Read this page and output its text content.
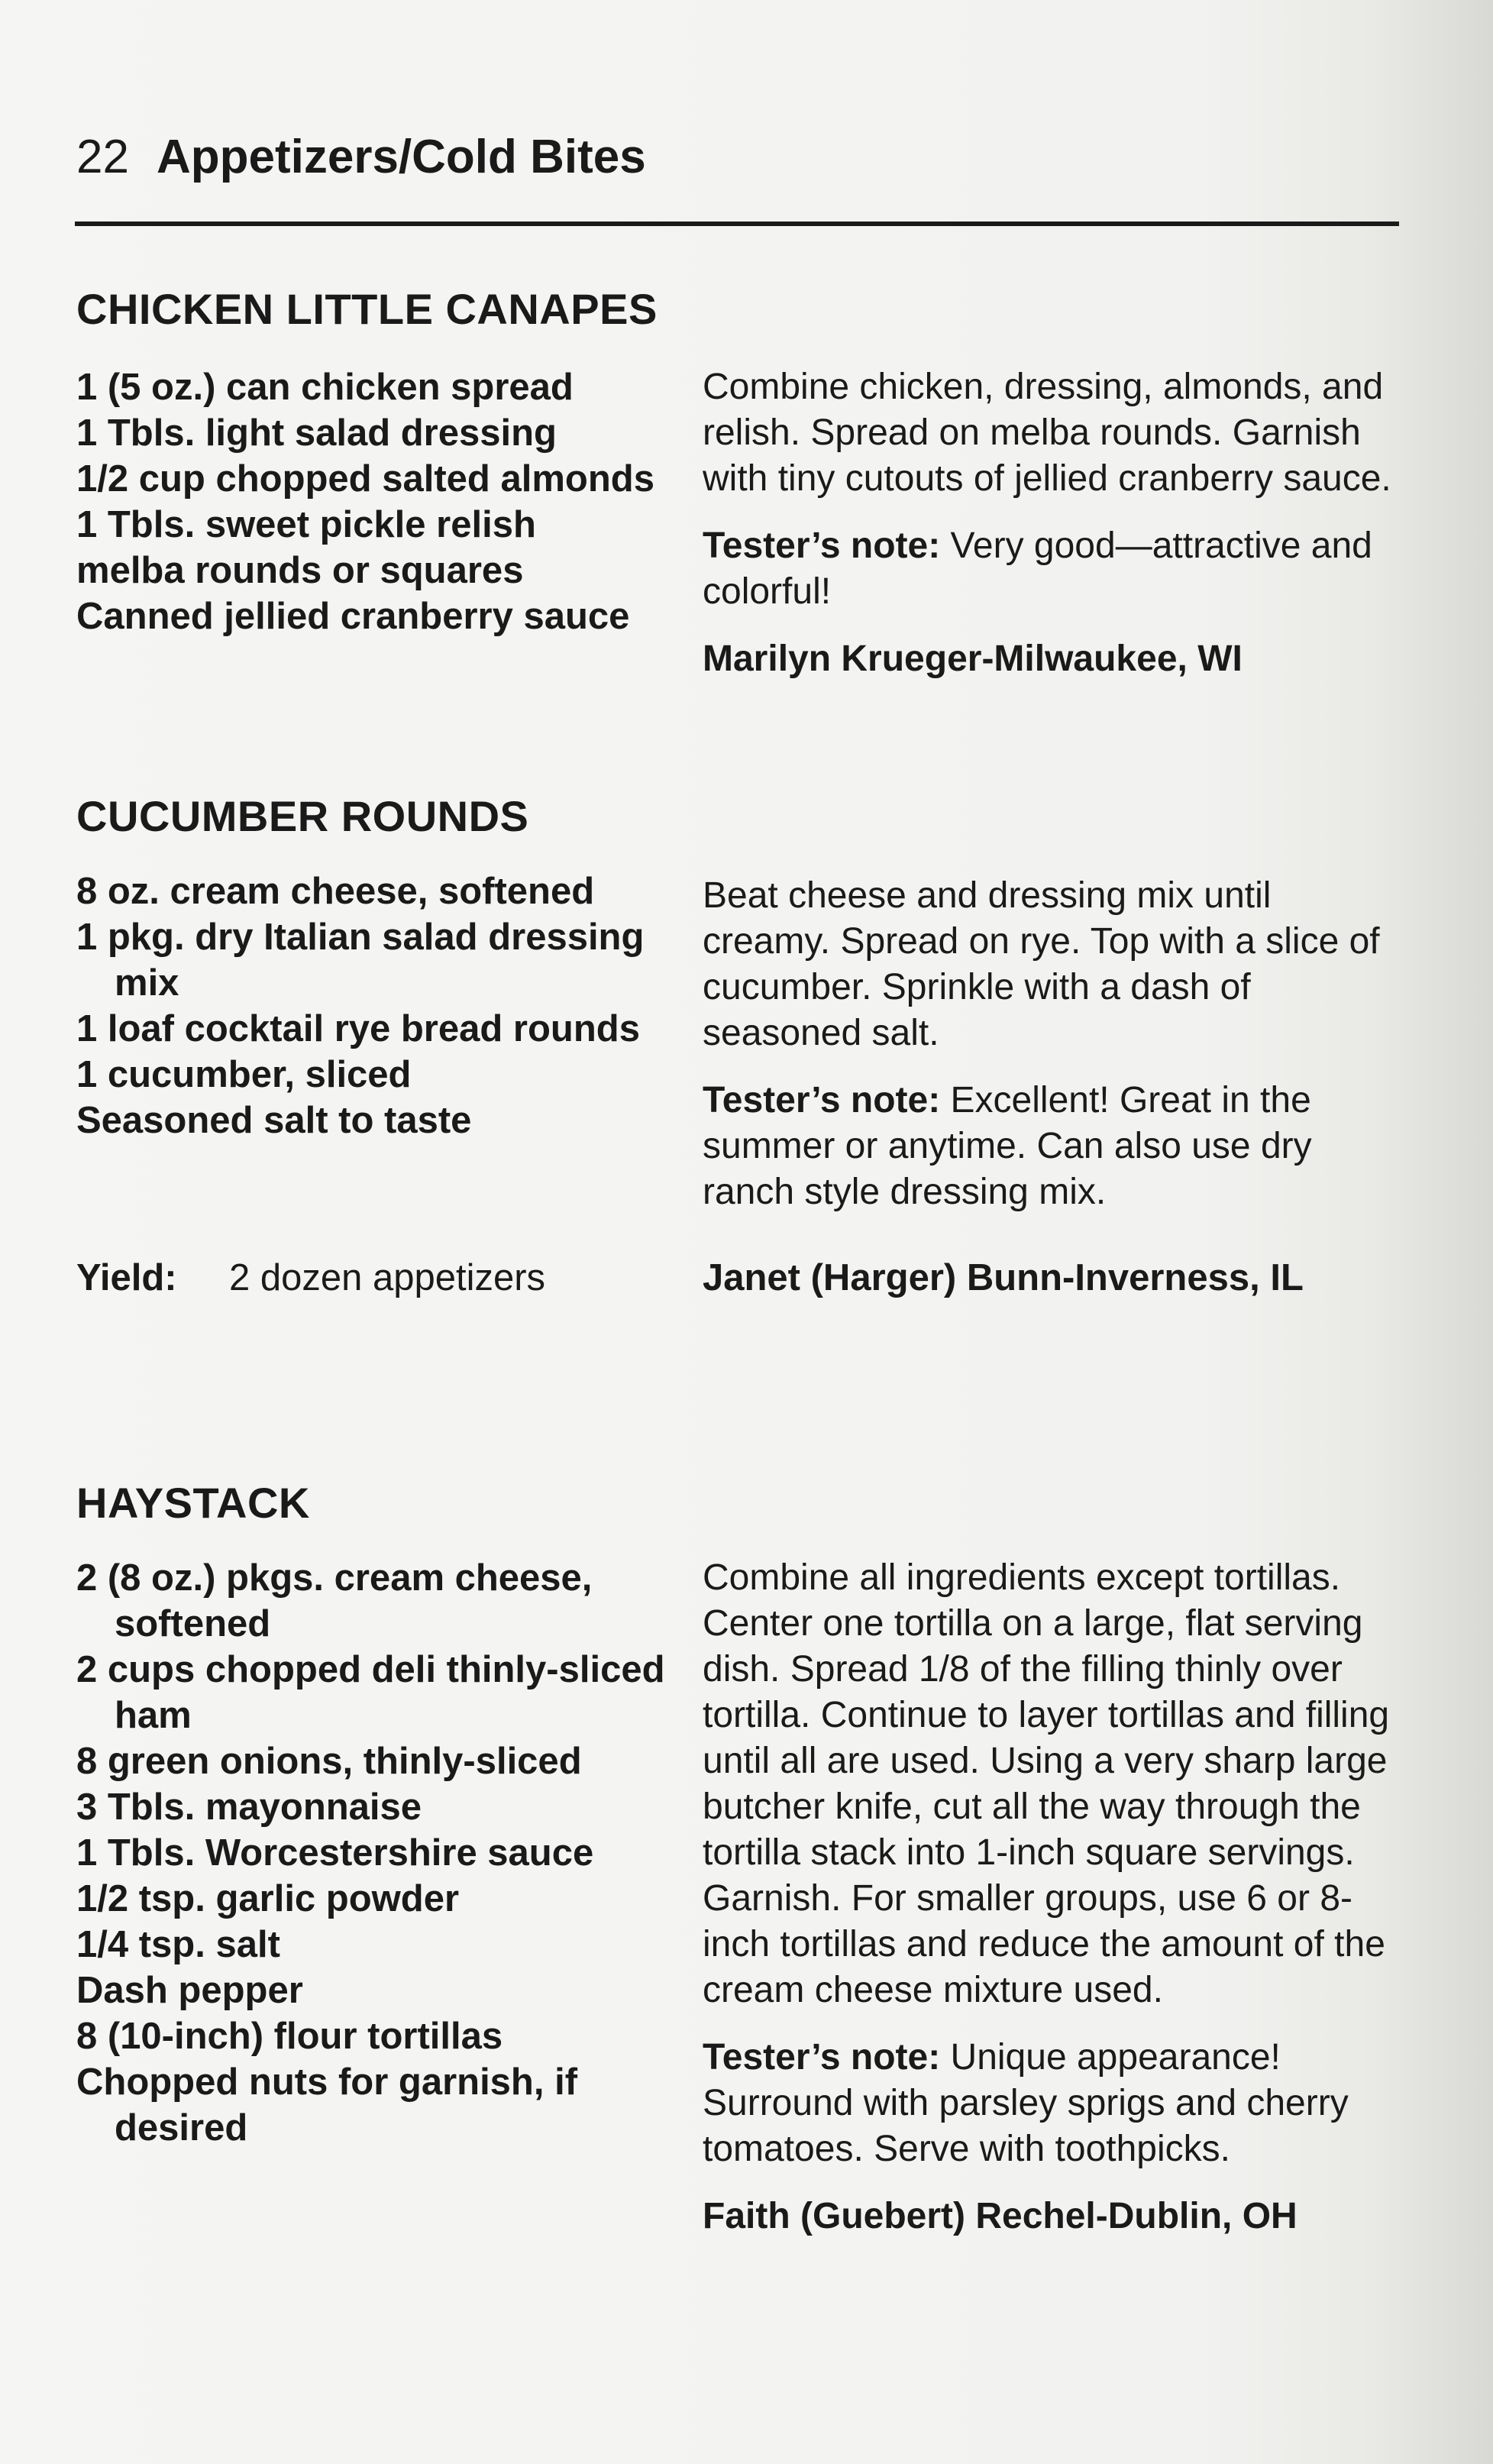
22 Appetizers/Cold Bites
CHICKEN LITTLE CANAPES
1 (5 oz.) can chicken spread
1 Tbls. light salad dressing
1/2 cup chopped salted almonds
1 Tbls. sweet pickle relish
melba rounds or squares
Canned jellied cranberry sauce

Combine chicken, dressing, almonds, and relish. Spread on melba rounds. Garnish with tiny cutouts of jellied cranberry sauce.

Tester’s note: Very good—attractive and colorful!

Marilyn Krueger-Milwaukee, WI

CUCUMBER ROUNDS
8 oz. cream cheese, softened
1 pkg. dry Italian salad dressing mix
1 loaf cocktail rye bread rounds
1 cucumber, sliced
Seasoned salt to taste

Beat cheese and dressing mix until creamy. Spread on rye. Top with a slice of cucumber. Sprinkle with a dash of seasoned salt.

Tester’s note: Excellent! Great in the summer or anytime. Can also use dry ranch style dressing mix.

Yield:	2 dozen appetizers	Janet (Harger) Bunn-Inverness, IL
HAYSTACK
2 (8 oz.) pkgs. cream cheese, softened
2 cups chopped deli thinly-sliced ham
8 green onions, thinly-sliced
3 Tbls. mayonnaise
1 Tbls. Worcestershire sauce
1/2 tsp. garlic powder
1/4 tsp. salt
Dash pepper
8 (10-inch) flour tortillas
Chopped nuts for garnish, if desired

Combine all ingredients except tortillas. Center one tortilla on a large, flat serving dish. Spread 1/8 of the filling thinly over tortilla. Continue to layer tortillas and filling until all are used. Using a very sharp large butcher knife, cut all the way through the tortilla stack into 1-inch square servings. Garnish. For smaller groups, use 6 or 8-inch tortillas and reduce the amount of the cream cheese mixture used.

Tester’s note: Unique appearance! Surround with parsley sprigs and cherry tomatoes. Serve with toothpicks.

Faith (Guebert) Rechel-Dublin, OH
